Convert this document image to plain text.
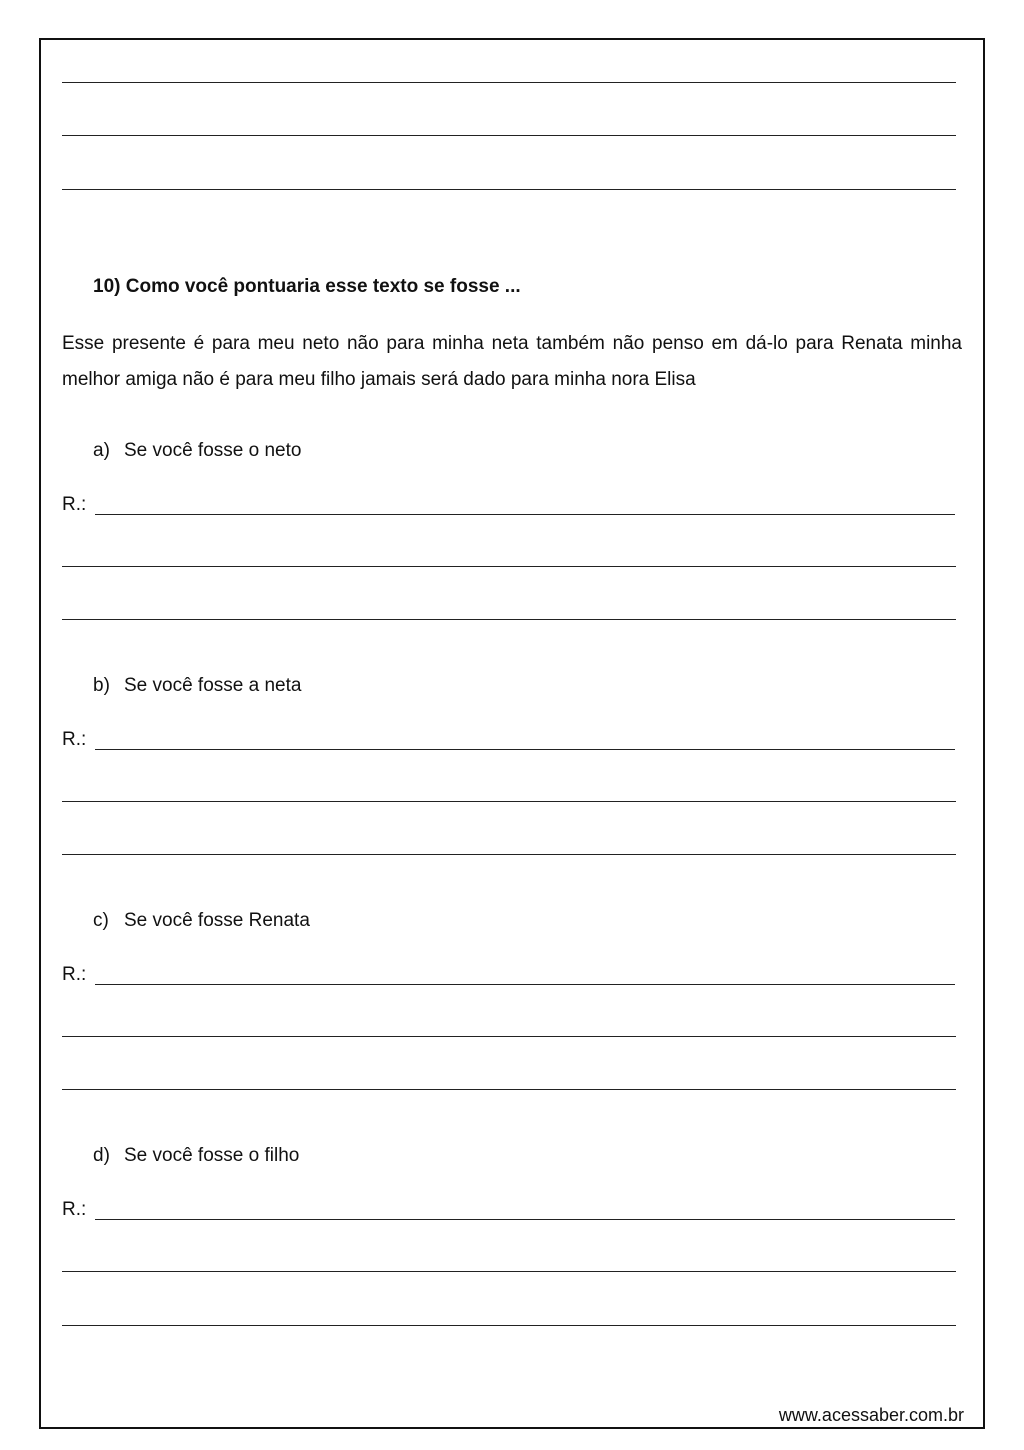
10) Como você pontuaria esse texto se fosse ...
Esse presente é para meu neto não para minha neta também não penso em dá-lo para Renata minha melhor amiga não é para meu filho jamais será dado para minha nora Elisa
a) Se você fosse o neto
R.:
b) Se você fosse a neta
R.:
c) Se você fosse Renata
R.:
d) Se você fosse o filho
R.:
www.acessaber.com.br
